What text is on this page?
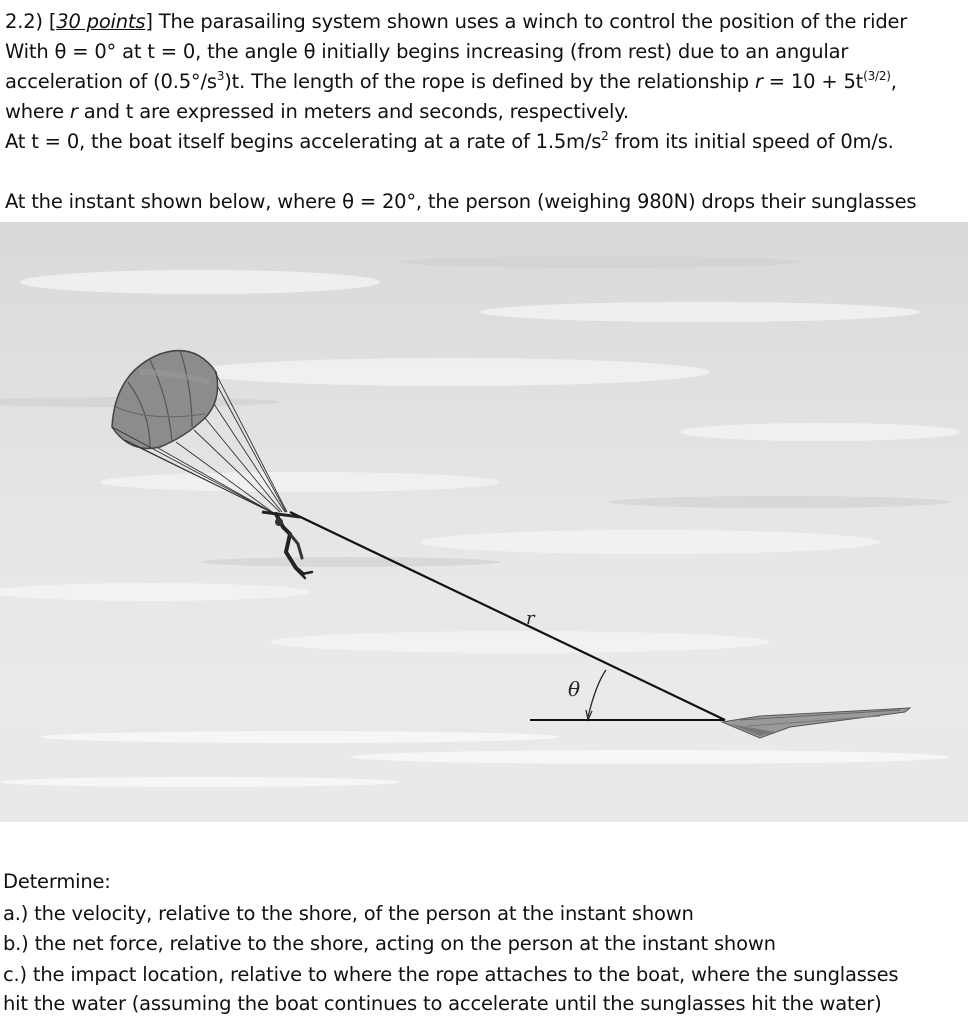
2.2) [30 points] The parasailing system shown uses a winch to control the position of the rider
With θ = 0° at t = 0, the angle θ initially begins increasing (from rest) due to an angular
acceleration of $(0.5^\circ/s^3)t$. The length of the rope is defined by the relationship $r = 10 + 5t^{(3/2)}$,
where r and t are expressed in meters and seconds, respectively.
At t = 0, the boat itself begins accelerating at a rate of $1.5m/s^2$ from its initial speed of 0m/s.
At the instant shown below, where θ = 20°, the person (weighing 980N) drops their sunglasses
r
θ
Determine:
a.) the velocity, relative to the shore, of the person at the instant shown
b.) the net force, relative to the shore, acting on the person at the instant shown
c.) the impact location, relative to where the rope attaches to the boat, where the sunglasses
hit the water (assuming the boat continues to accelerate until the sunglasses hit the water)
